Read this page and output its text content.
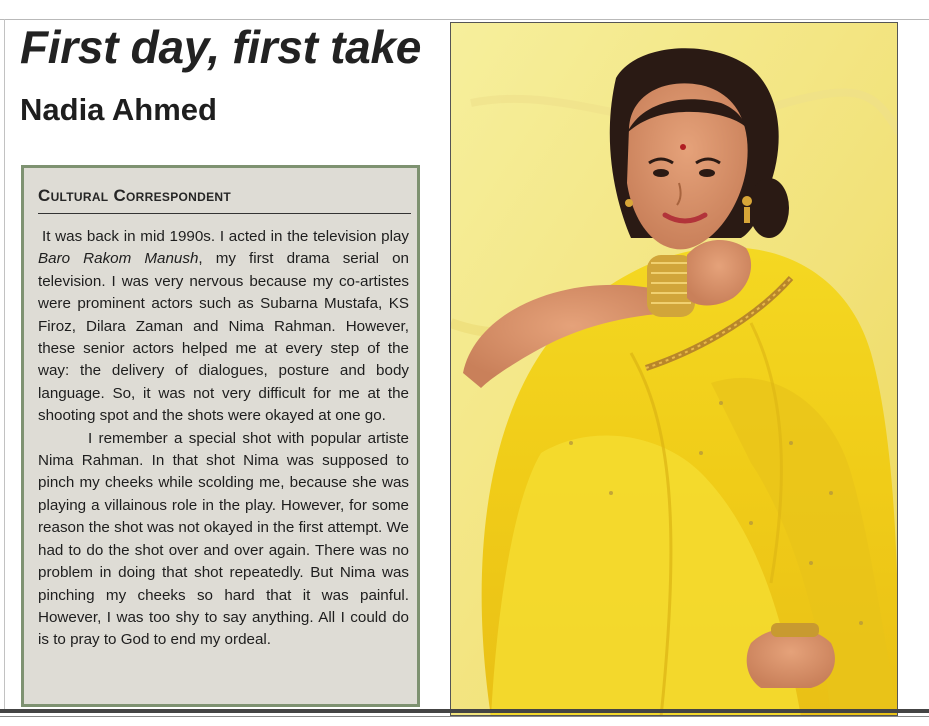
First day, first take
Nadia Ahmed
Cultural Correspondent

It was back in mid 1990s. I acted in the television play Baro Rakom Manush, my first drama serial on television. I was very nervous because my co-artistes were prominent actors such as Subarna Mustafa, KS Firoz, Dilara Zaman and Nima Rahman. However, these senior actors helped me at every step of the way: the delivery of dialogues, posture and body language. So, it was not very difficult for me at the shooting spot and the shots were okayed at one go.

I remember a special shot with popular artiste Nima Rahman. In that shot Nima was supposed to pinch my cheeks while scolding me, because she was playing a villainous role in the play. However, for some reason the shot was not okayed in the first attempt. We had to do the shot over and over again. There was no problem in doing that shot repeatedly. But Nima was pinching my cheeks so hard that it was painful. However, I was too shy to say anything. All I could do is to pray to God to end my ordeal.
